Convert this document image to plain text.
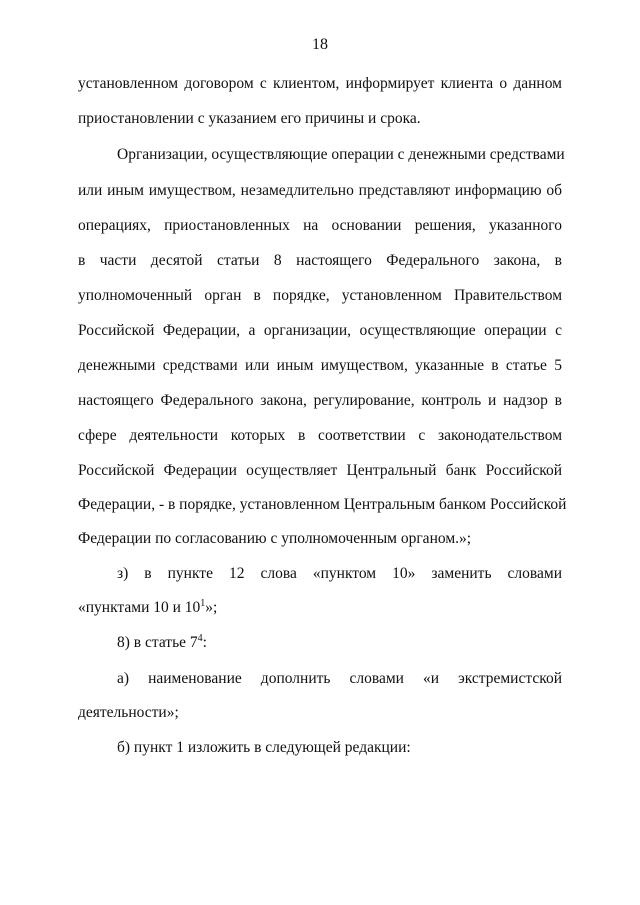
18
установленном договором с клиентом, информирует клиента о данном
приостановлении с указанием его причины и срока.
Организации, осуществляющие операции с денежными средствами
или иным имуществом, незамедлительно представляют информацию об
операциях, приостановленных на основании решения, указанного
в части десятой статьи 8 настоящего Федерального закона, в
уполномоченный орган в порядке, установленном Правительством
Российской Федерации, а организации, осуществляющие операции с
денежными средствами или иным имуществом, указанные в статье 5
настоящего Федерального закона, регулирование, контроль и надзор в
сфере деятельности которых в соответствии с законодательством
Российской Федерации осуществляет Центральный банк Российской
Федерации, - в порядке, установленном Центральным банком Российской
Федерации по согласованию с уполномоченным органом.»;
з) в пункте 12 слова «пунктом 10» заменить словами
«пунктами 10 и $10^1$»;
8) в статье $7^4$:
а) наименование дополнить словами «и экстремистской
деятельности»;
б) пункт 1 изложить в следующей редакции:
